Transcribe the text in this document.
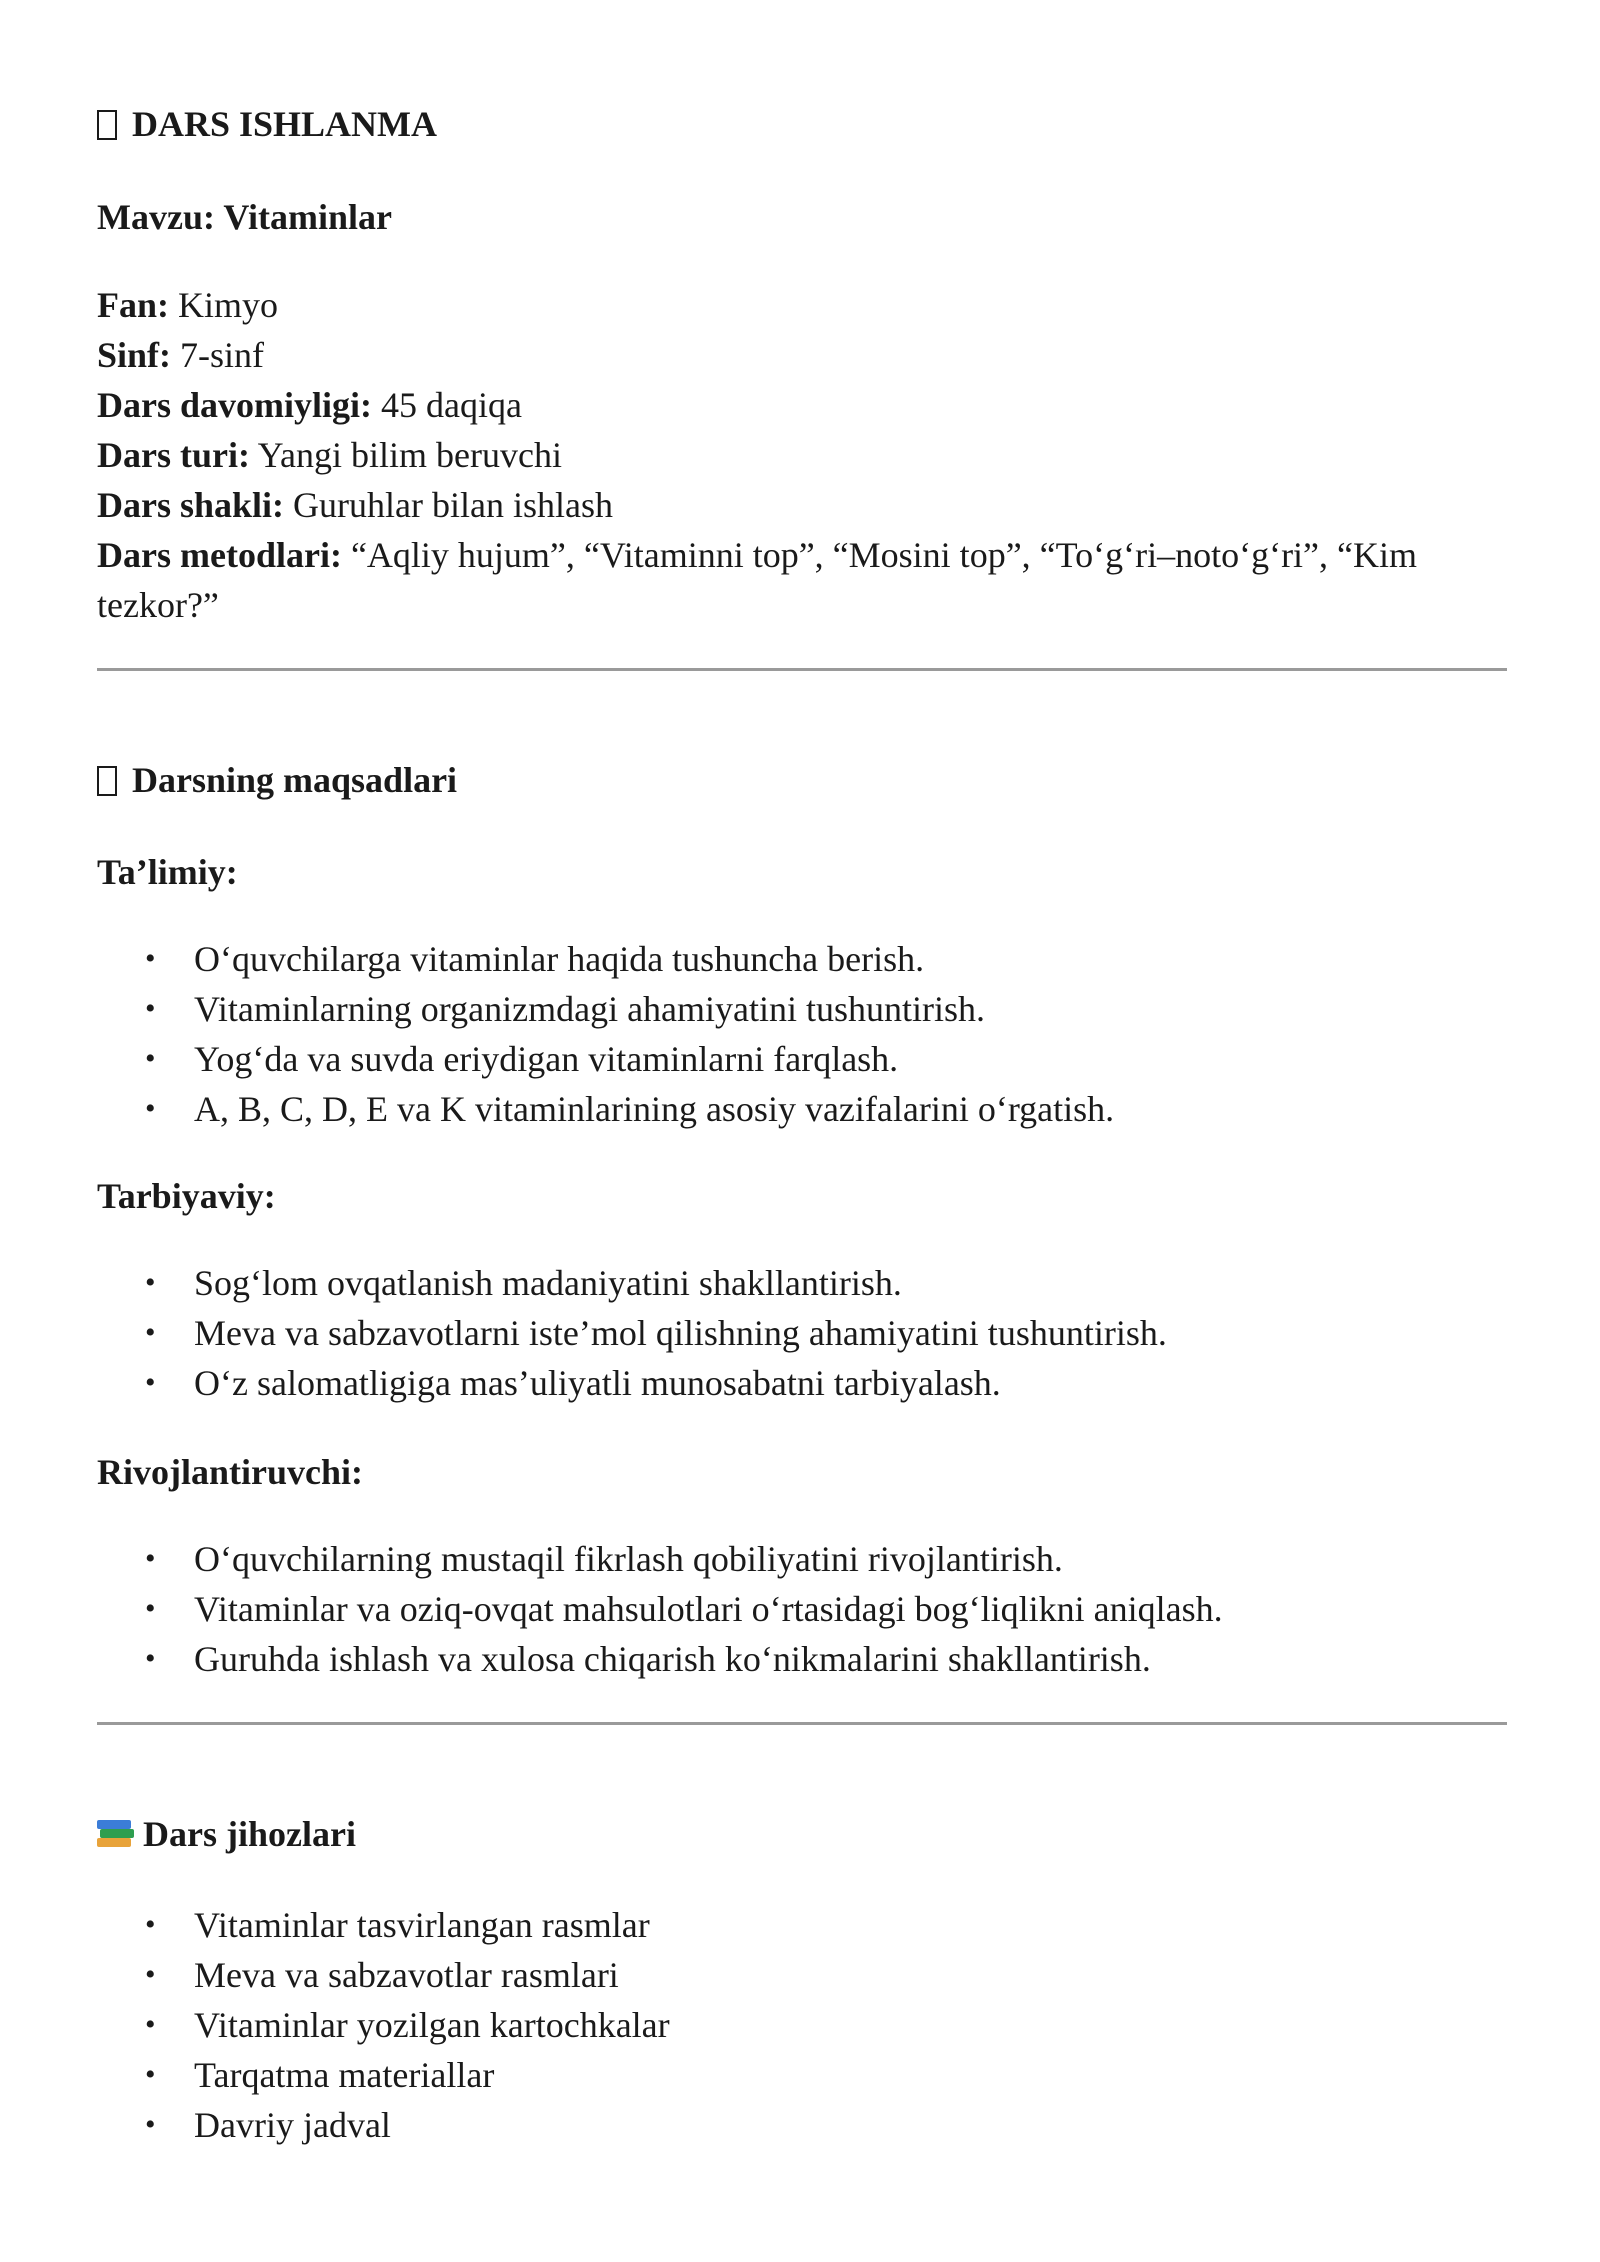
DARS ISHLANMA
Mavzu: Vitaminlar
Fan: Kimyo
Sinf: 7-sinf
Dars davomiyligi: 45 daqiqa
Dars turi: Yangi bilim beruvchi
Dars shakli: Guruhlar bilan ishlash
Dars metodlari: “Aqliy hujum”, “Vitaminni top”, “Mosini top”, “To‘g‘ri–noto‘g‘ri”, “Kim
tezkor?”
Darsning maqsadlari
Ta’limiy:
• O‘quvchilarga vitaminlar haqida tushuncha berish.
• Vitaminlarning organizmdagi ahamiyatini tushuntirish.
• Yog‘da va suvda eriydigan vitaminlarni farqlash.
• A, B, C, D, E va K vitaminlarining asosiy vazifalarini o‘rgatish.
Tarbiyaviy:
• Sog‘lom ovqatlanish madaniyatini shakllantirish.
• Meva va sabzavotlarni iste’mol qilishning ahamiyatini tushuntirish.
• O‘z salomatligiga mas’uliyatli munosabatni tarbiyalash.
Rivojlantiruvchi:
• O‘quvchilarning mustaqil fikrlash qobiliyatini rivojlantirish.
• Vitaminlar va oziq-ovqat mahsulotlari o‘rtasidagi bog‘liqlikni aniqlash.
• Guruhda ishlash va xulosa chiqarish ko‘nikmalarini shakllantirish.
Dars jihozlari
• Vitaminlar tasvirlangan rasmlar
• Meva va sabzavotlar rasmlari
• Vitaminlar yozilgan kartochkalar
• Tarqatma materiallar
• Davriy jadval
